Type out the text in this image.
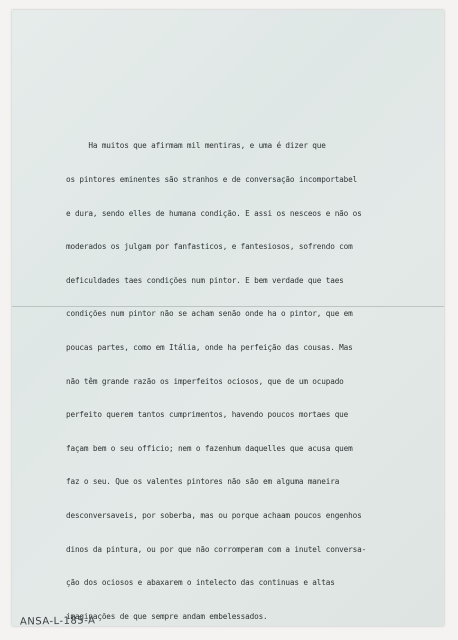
Ha muitos que afirmam mil mentiras, e uma é dizer que

os pintores eminentes são stranhos e de conversação incomportabel

e dura, sendo elles de humana condição. E assi os nesceos e não os

moderados os julgam por fanfasticos, e fantesiosos, sofrendo com

deficuldades taes condições num pintor. E bem verdade que taes

condições num pintor não se acham senão onde ha o pintor, que em

poucas partes, como em Itália, onde ha perfeição das cousas. Mas

não têm grande razão os imperfeitos ociosos, que de um ocupado

perfeito querem tantos cumprimentos, havendo poucos mortaes que

façam bem o seu officio; nem o fazenhum daquelles que acusa quem

faz o seu. Que os valentes pintores não são em alguma maneira

desconversaveis, por soberba, mas ou porque achaam poucos engenhos

dinos da pintura, ou por que não corromperam com a inutel conversa-

ção dos ociosos e abaxarem o intelecto das continuas e altas

imaginações de que sempre andam embelessados.

ANSA-L-185-A
